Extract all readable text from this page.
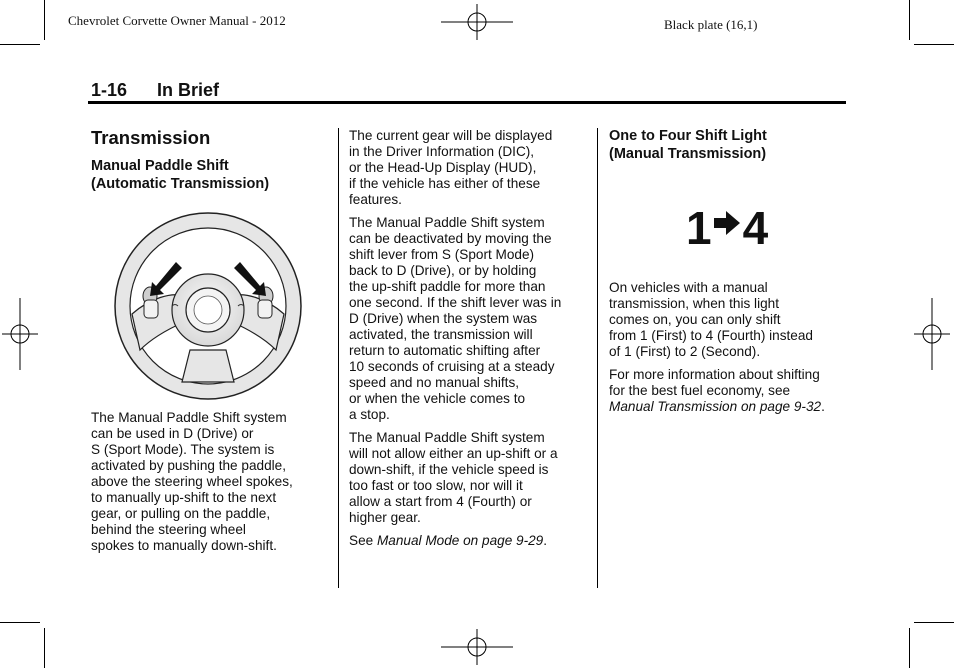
Chevrolet Corvette Owner Manual - 2012	Black plate (16,1)
1-16 In Brief
Transmission
Manual Paddle Shift
(Automatic Transmission)
The Manual Paddle Shift system
can be used in D (Drive) or
S (Sport Mode). The system is
activated by pushing the paddle,
above the steering wheel spokes,
to manually up-shift to the next
gear, or pulling on the paddle,
behind the steering wheel
spokes to manually down-shift.

The current gear will be displayed
in the Driver Information (DIC),
or the Head-Up Display (HUD),
if the vehicle has either of these
features.

The Manual Paddle Shift system
can be deactivated by moving the
shift lever from S (Sport Mode)
back to D (Drive), or by holding
the up-shift paddle for more than
one second. If the shift lever was in
D (Drive) when the system was
activated, the transmission will
return to automatic shifting after
10 seconds of cruising at a steady
speed and no manual shifts,
or when the vehicle comes to
a stop.

The Manual Paddle Shift system
will not allow either an up-shift or a
down-shift, if the vehicle speed is
too fast or too slow, nor will it
allow a start from 4 (Fourth) or
higher gear.

See Manual Mode on page 9-29.

One to Four Shift Light
(Manual Transmission)
1 4

On vehicles with a manual
transmission, when this light
comes on, you can only shift
from 1 (First) to 4 (Fourth) instead
of 1 (First) to 2 (Second).

For more information about shifting
for the best fuel economy, see
Manual Transmission on page 9-32.
